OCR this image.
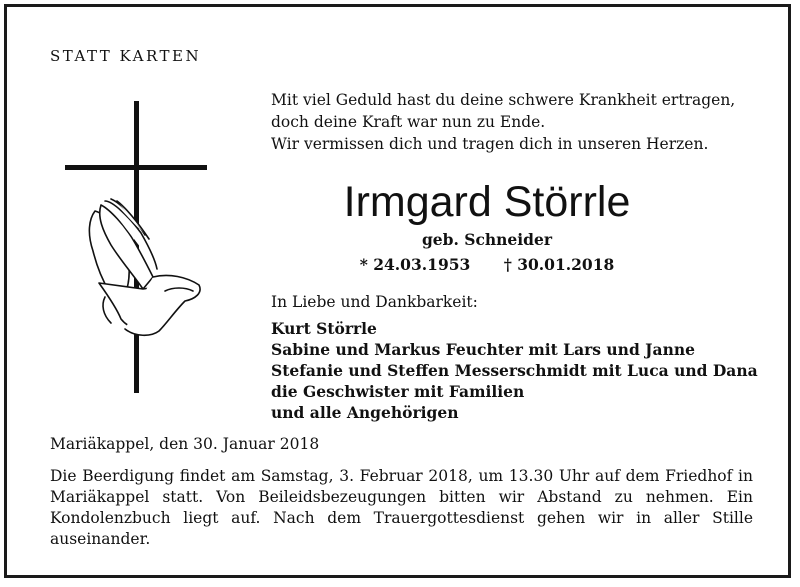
STATT KARTEN
Mit viel Geduld hast du deine schwere Krankheit ertragen,
doch deine Kraft war nun zu Ende.
Wir vermissen dich und tragen dich in unseren Herzen.
Irmgard Störrle
geb. Schneider
* 24.03.1953 † 30.01.2018
In Liebe und Dankbarkeit:
Kurt Störrle
Sabine und Markus Feuchter mit Lars und Janne
Stefanie und Steffen Messerschmidt mit Luca und Dana
die Geschwister mit Familien
und alle Angehörigen
Mariäkappel, den 30. Januar 2018
Die Beerdigung findet am Samstag, 3. Februar 2018, um 13.30 Uhr auf dem Friedhof in Mariäkappel statt. Von Beileidsbezeugungen bitten wir Abstand zu nehmen. Ein Kondolenzbuch liegt auf. Nach dem Trauergottesdienst gehen wir in aller Stille auseinander.
